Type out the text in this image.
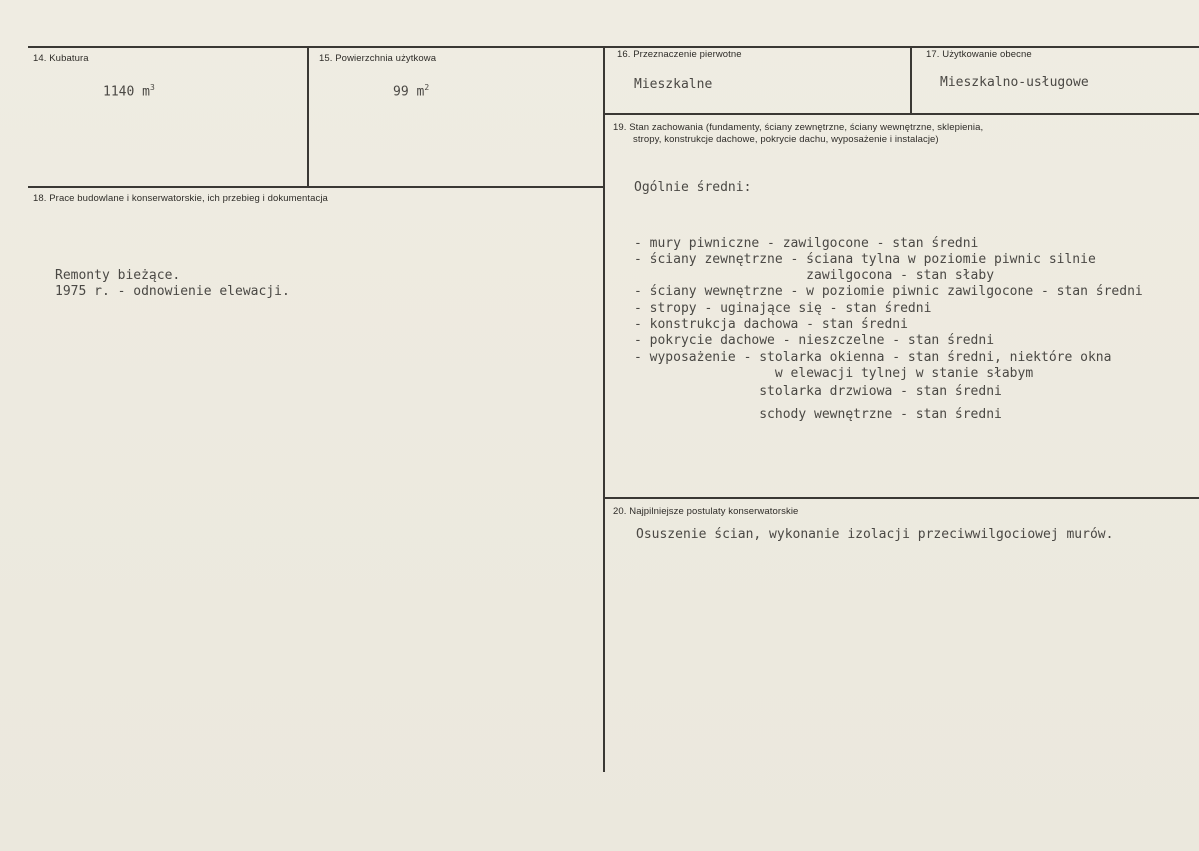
14. Kubatura
1140 $m^3$
15. Powierzchnia użytkowa
99 $m^2$
16. Przeznaczenie pierwotne
Mieszkalne
17. Użytkowanie obecne
Mieszkalno-usługowe
19. Stan zachowania (fundamenty, ściany zewnętrzne, ściany wewnętrzne, sklepienia,
stropy, konstrukcje dachowe, pokrycie dachu, wyposażenie i instalacje)
Ogólnie średni:

- mury piwniczne - zawilgocone - stan średni
- ściany zewnętrzne - ściana tylna w poziomie piwnic silnie
zawilgocona - stan słaby
- ściany wewnętrzne - w poziomie piwnic zawilgocone - stan średni
- stropy - uginające się - stan średni
- konstrukcja dachowa - stan średni
- pokrycie dachowe - nieszczelne - stan średni
- wyposażenie - stolarka okienna - stan średni, niektóre okna
w elewacji tylnej w stanie słabym
stolarka drzwiowa - stan średni
schody wewnętrzne - stan średni

18. Prace budowlane i konserwatorskie, ich przebieg i dokumentacja

Remonty bieżące.
1975 r. - odnowienie elewacji.

20. Najpilniejsze postulaty konserwatorskie
Osuszenie ścian, wykonanie izolacji przeciwwilgociowej murów.
